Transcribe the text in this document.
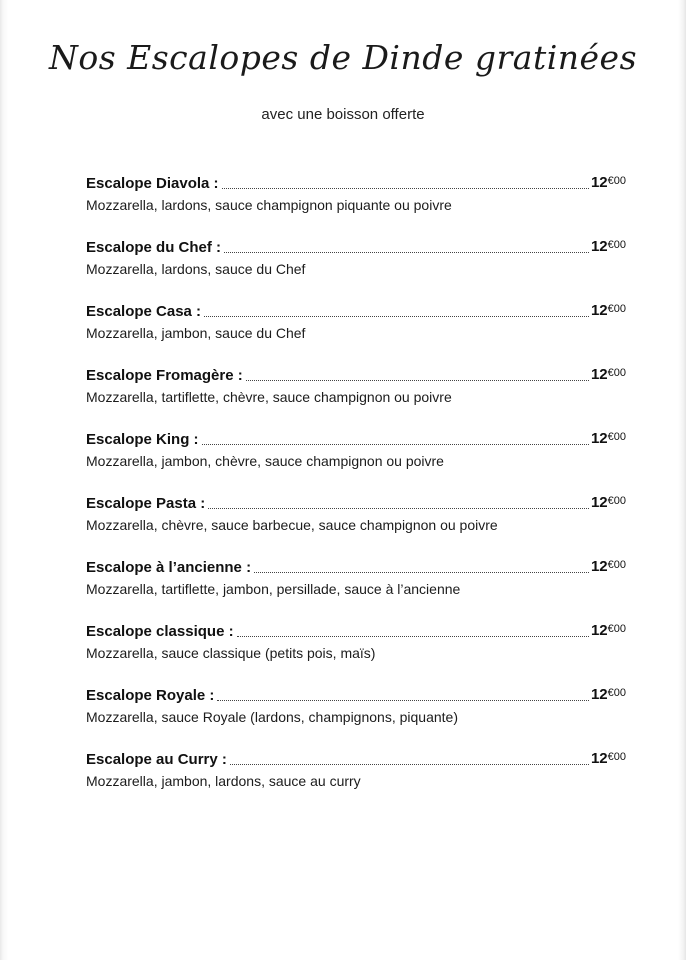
Nos Escalopes de Dinde gratinées
avec une boisson offerte
Escalope Diavola :	12€00
Mozzarella, lardons, sauce champignon piquante ou poivre
Escalope du Chef :	12€00
Mozzarella, lardons, sauce du Chef
Escalope Casa :	12€00
Mozzarella, jambon, sauce du Chef
Escalope Fromagère :	12€00
Mozzarella, tartiflette, chèvre, sauce champignon ou poivre
Escalope King :	12€00
Mozzarella, jambon, chèvre, sauce champignon ou poivre
Escalope Pasta :	12€00
Mozzarella, chèvre, sauce barbecue, sauce champignon ou poivre
Escalope à l’ancienne :	12€00
Mozzarella, tartiflette, jambon, persillade, sauce à l’ancienne
Escalope classique :	12€00
Mozzarella, sauce classique (petits pois, maïs)
Escalope Royale :	12€00
Mozzarella, sauce Royale (lardons, champignons, piquante)
Escalope au Curry :	12€00
Mozzarella, jambon, lardons, sauce au curry
